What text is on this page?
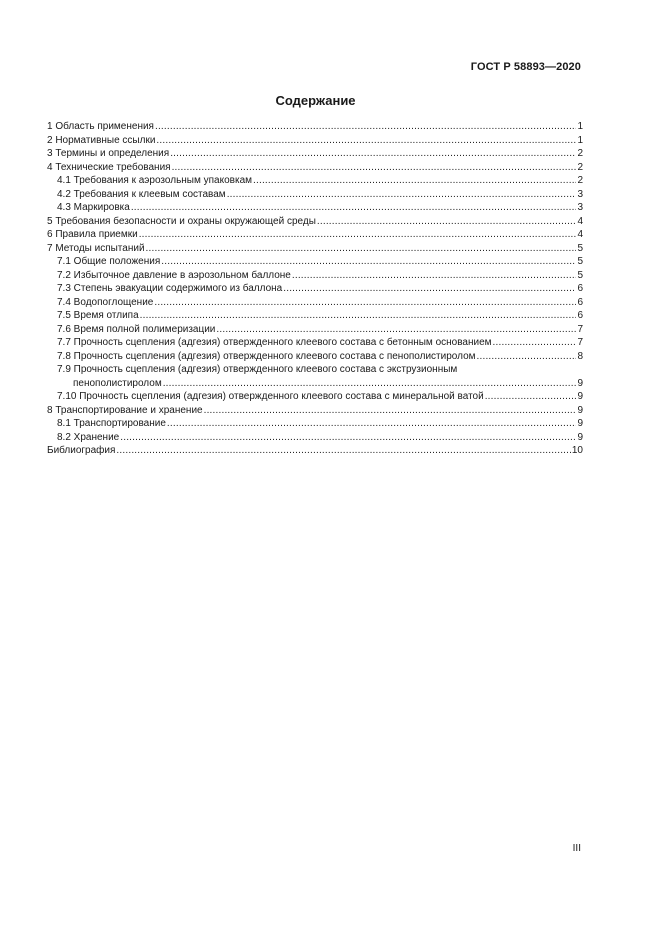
ГОСТ Р 58893—2020
Содержание
1 Область применения .....	1
2 Нормативные ссылки .....	1
3 Термины и определения .....	2
4 Технические требования .....	2
4.1 Требования к аэрозольным упаковкам .....	2
4.2 Требования к клеевым составам .....	3
4.3 Маркировка .....	3
5 Требования безопасности и охраны окружающей среды .....	4
6 Правила приемки .....	4
7 Методы испытаний .....	5
7.1 Общие положения .....	5
7.2 Избыточное давление в аэрозольном баллоне .....	5
7.3 Степень эвакуации содержимого из баллона .....	6
7.4 Водопоглощение .....	6
7.5 Время отлипа .....	6
7.6 Время полной полимеризации .....	7
7.7 Прочность сцепления (адгезия) отвержденного клеевого состава с бетонным основанием .....	7
7.8 Прочность сцепления (адгезия) отвержденного клеевого состава с пенополистиролом .....	8
7.9 Прочность сцепления (адгезия) отвержденного клеевого состава с экструзионным
пенополистиролом .....	9
7.10 Прочность сцепления (адгезия) отвержденного клеевого состава с минеральной ватой .....	9
8 Транспортирование и хранение .....	9
8.1 Транспортирование .....	9
8.2 Хранение .....	9
Библиография .....	10
III
